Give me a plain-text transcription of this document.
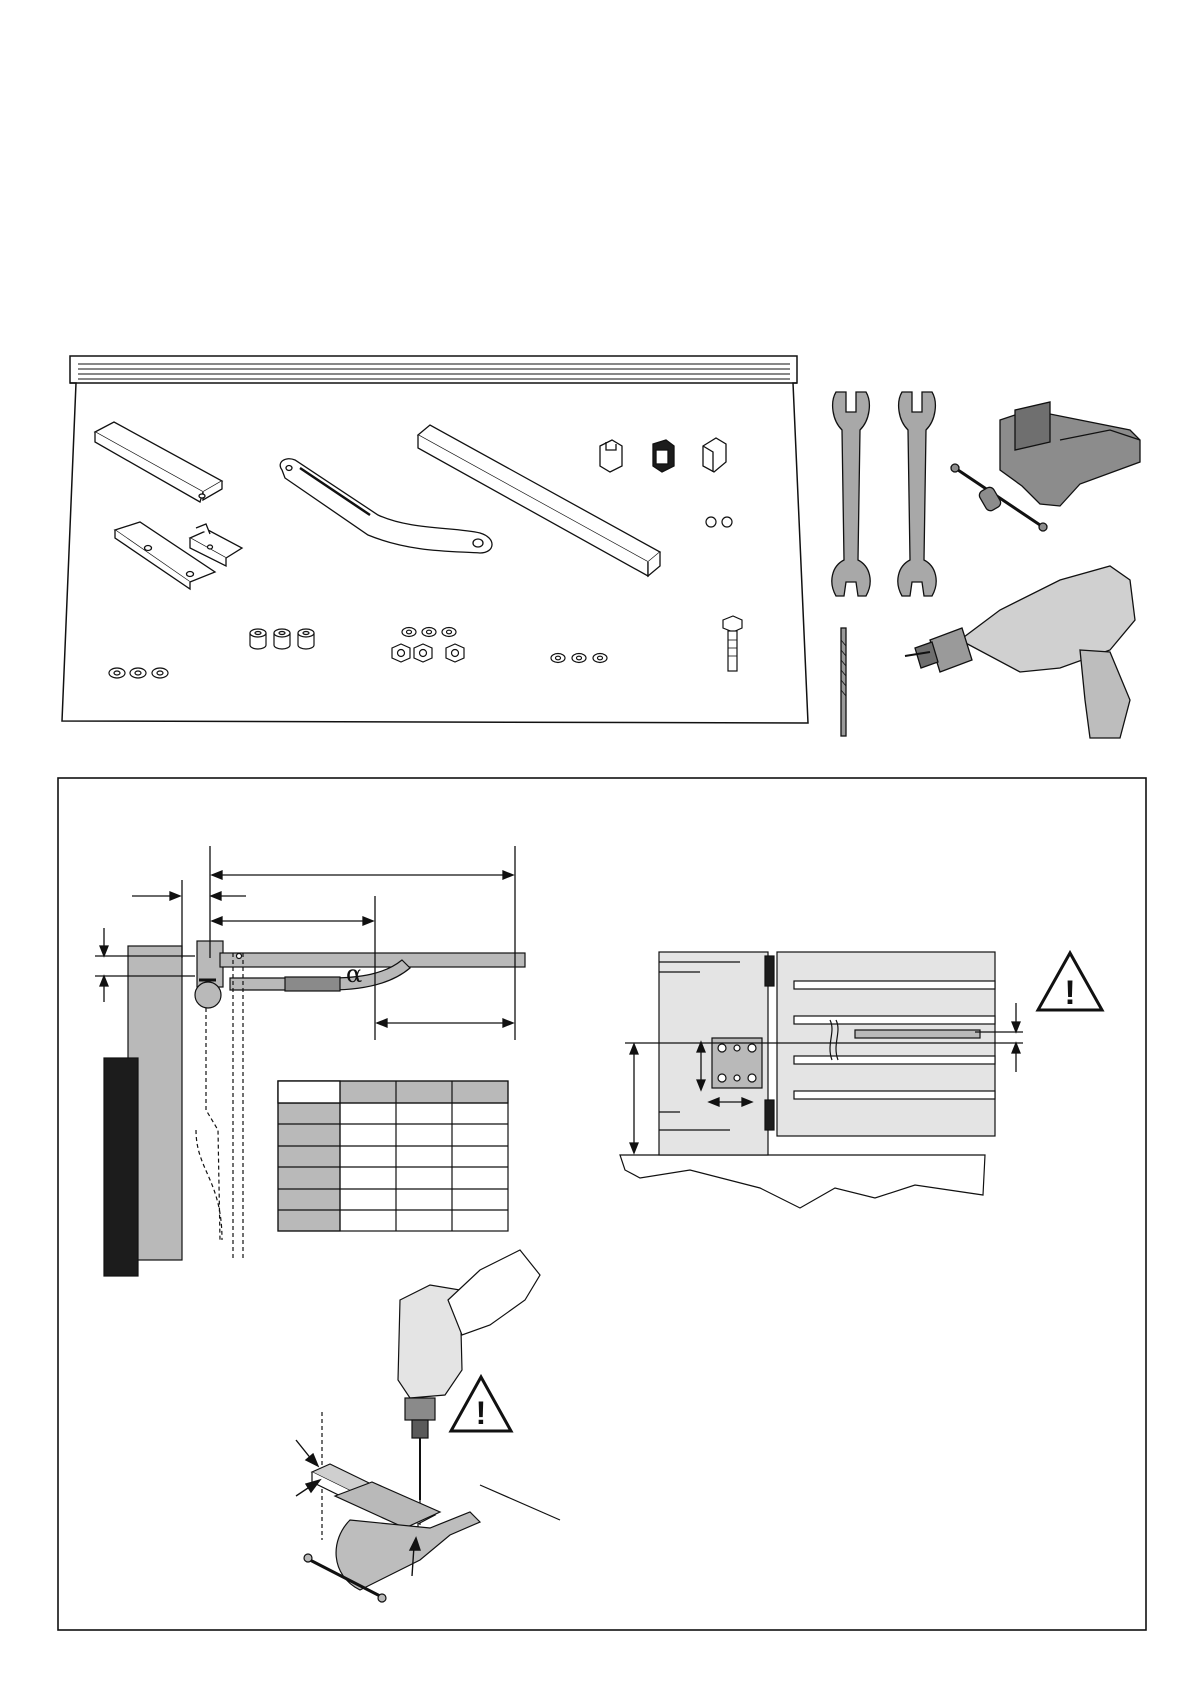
α
!
!
